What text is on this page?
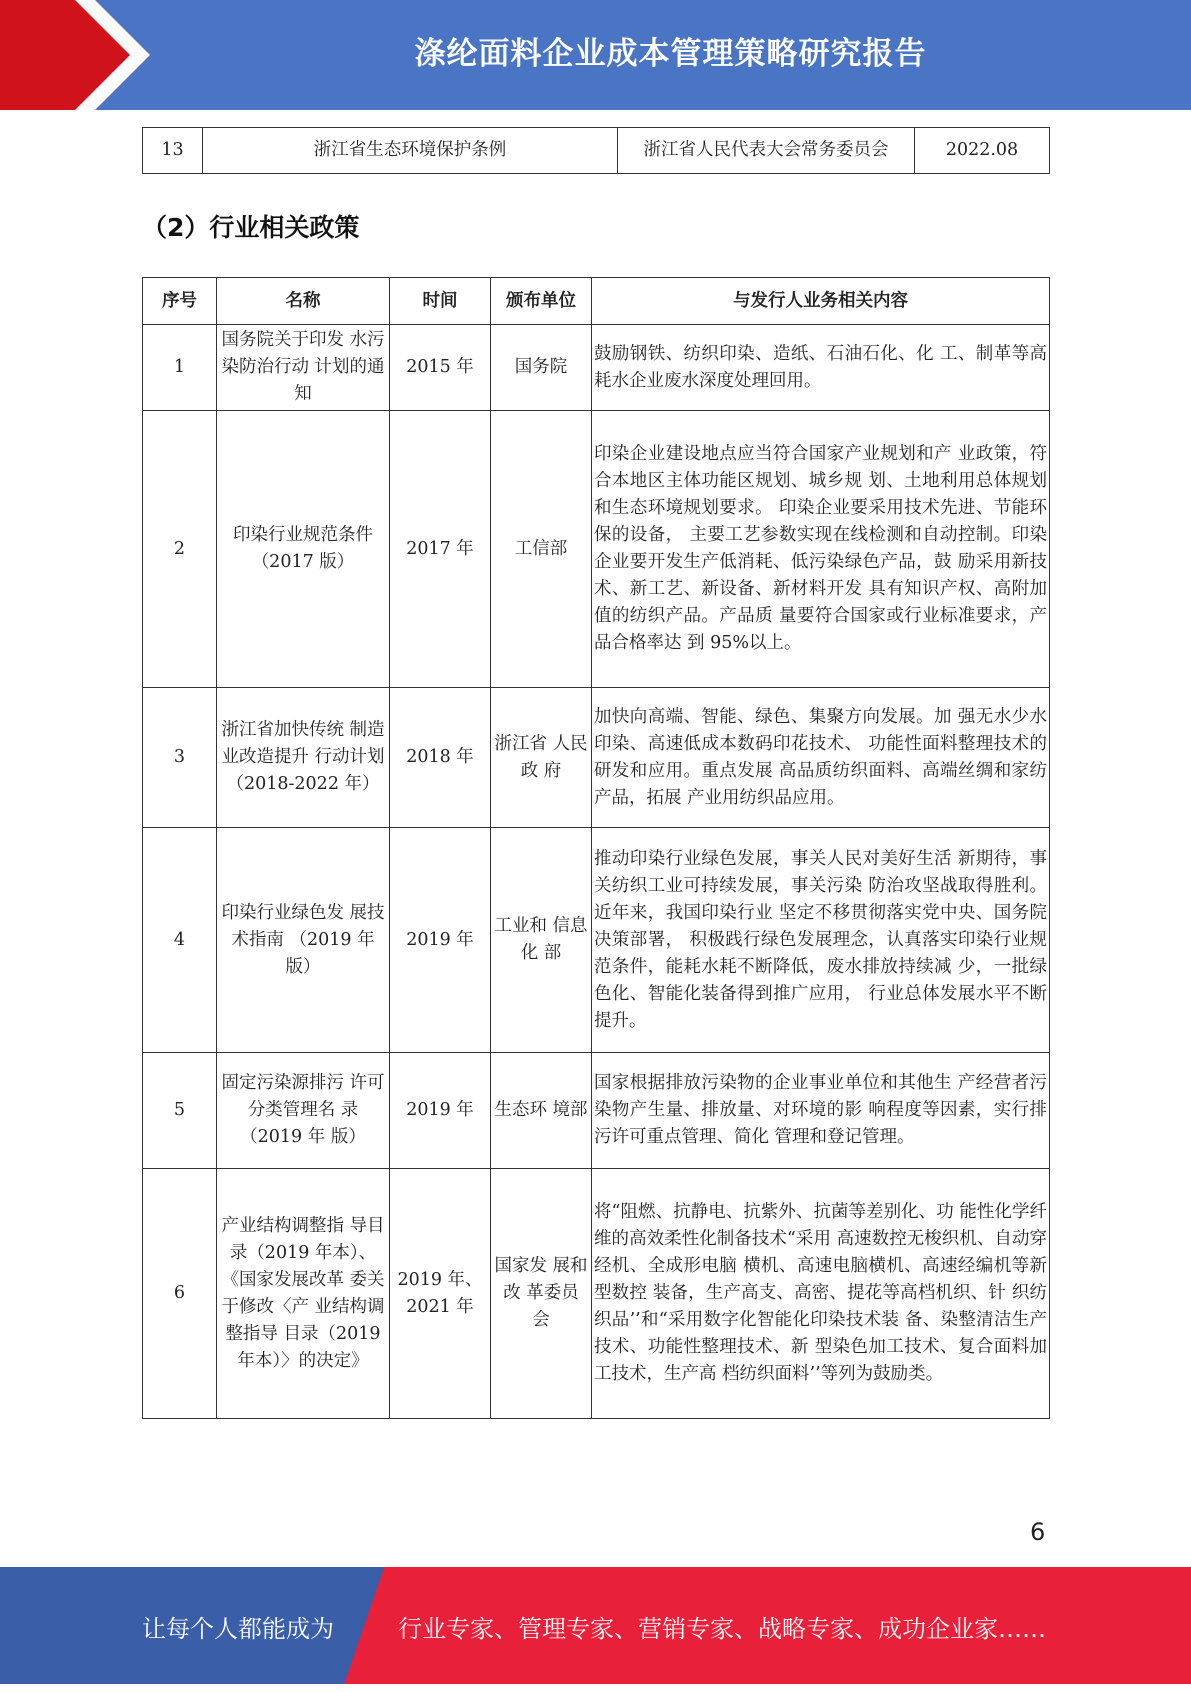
涤纶面料企业成本管理策略研究报告
13	浙江省生态环境保护条例	浙江省人民代表大会常务委员会	2022.08
（2）行业相关政策
序号	名称	时间	颁布单位	与发行人业务相关内容
1	国务院关于印发 水污染防治行动 计划的通知	2015 年	国务院	鼓励钢铁、纺织印染、造纸、石油石化、化 工、制革等高耗水企业废水深度处理回用。
2	印染行业规范条件（2017 版）	2017 年	工信部	印染企业建设地点应当符合国家产业规划和产 业政策，符合本地区主体功能区规划、城乡规 划、土地利用总体规划和生态环境规划要求。 印染企业要采用技术先进、节能环保的设备， 主要工艺参数实现在线检测和自动控制。印染 企业要开发生产低消耗、低污染绿色产品，鼓 励采用新技术、新工艺、新设备、新材料开发 具有知识产权、高附加值的纺织产品。产品质 量要符合国家或行业标准要求，产品合格率达 到 95%以上。
3	浙江省加快传统 制造业改造提升 行动计划 （2018-2022 年）	2018 年	浙江省 人民政 府	加快向高端、智能、绿色、集聚方向发展。加 强无水少水印染、高速低成本数码印花技术、 功能性面料整理技术的研发和应用。重点发展 高品质纺织面料、高端丝绸和家纺产品，拓展 产业用纺织品应用。
4	印染行业绿色发 展技术指南 （2019 年版）	2019 年	工业和 信息化 部	推动印染行业绿色发展，事关人民对美好生活 新期待，事关纺织工业可持续发展，事关污染 防治攻坚战取得胜利。近年来，我国印染行业 坚定不移贯彻落实党中央、国务院决策部署， 积极践行绿色发展理念，认真落实印染行业规 范条件，能耗水耗不断降低，废水排放持续减 少，一批绿色化、智能化装备得到推广应用， 行业总体发展水平不断提升。
5	固定污染源排污 许可分类管理名 录（2019 年 版）	2019 年	生态环 境部	国家根据排放污染物的企业事业单位和其他生 产经营者污染物产生量、排放量、对环境的影 响程度等因素，实行排污许可重点管理、简化 管理和登记管理。
6	产业结构调整指 导目录（2019 年本）、《国家发展改革 委关于修改〈产 业结构调整指导 目录（2019 年本）〉的决定》	2019 年、2021 年	国家发 展和改 革委员 会	将“阻燃、抗静电、抗紫外、抗菌等差别化、功 能性化学纤维的高效柔性化制备技术“采用 高速数控无梭织机、自动穿经机、全成形电脑 横机、高速电脑横机、高速经编机等新型数控 装备，生产高支、高密、提花等高档机织、针 织纺织品’’和“采用数字化智能化印染技术装 备、染整清洁生产技术、功能性整理技术、新 型染色加工技术、复合面料加工技术，生产高 档纺织面料’’等列为鼓励类。
6
让每个人都能成为	行业专家、管理专家、营销专家、战略专家、成功企业家……
